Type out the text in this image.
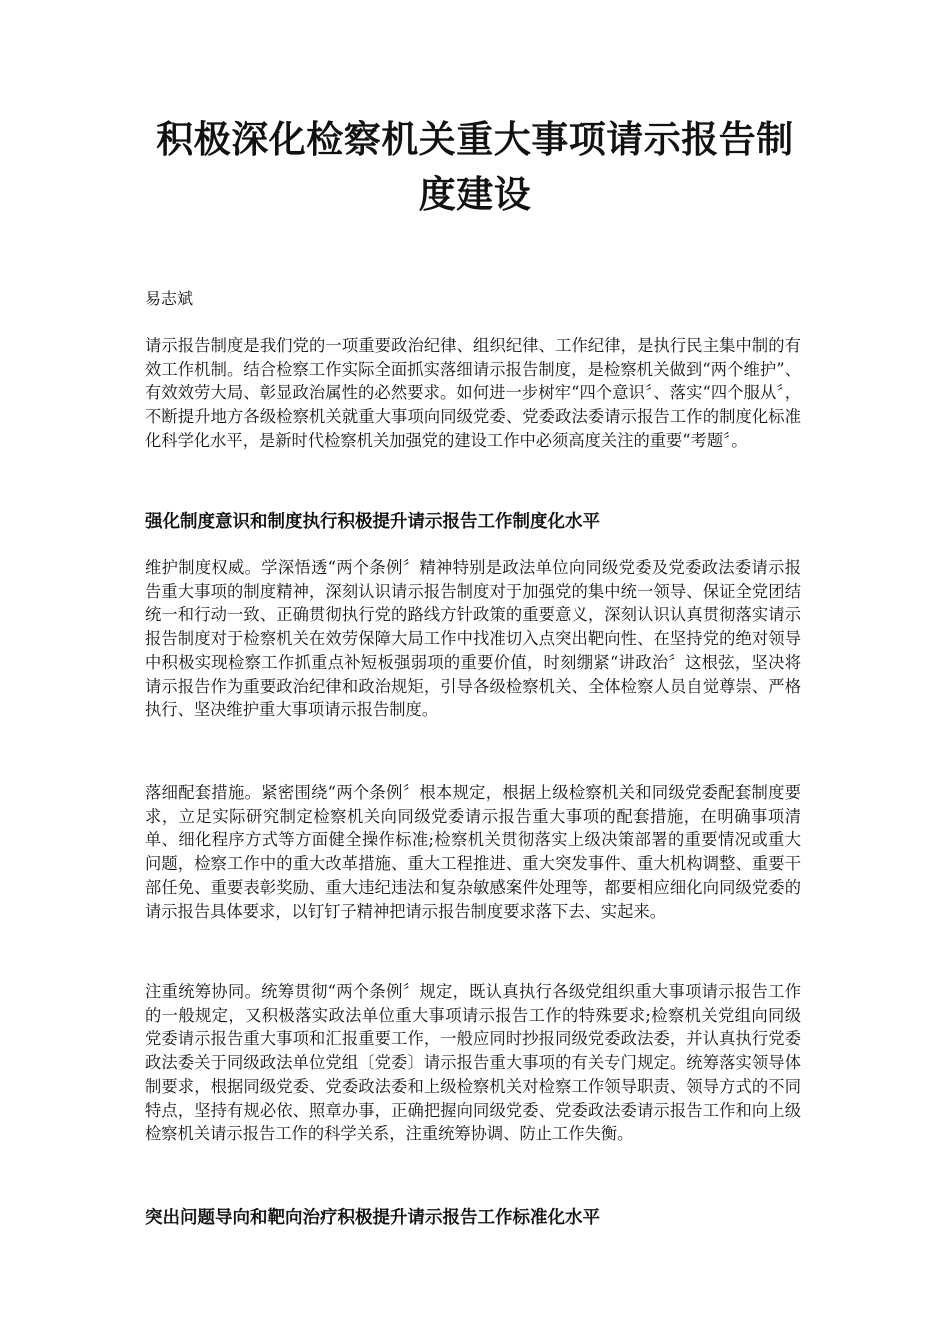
积极深化检察机关重大事项请示报告制度建设

易志斌

请示报告制度是我们党的一项重要政治纪律、组织纪律、工作纪律，是执行民主集中制的有效工作机制。结合检察工作实际全面抓实落细请示报告制度，是检察机关做到“两个维护”、有效效劳大局、彰显政治属性的必然要求。如何进一步树牢“四个意识〞、落实“四个服从〞，不断提升地方各级检察机关就重大事项向同级党委、党委政法委请示报告工作的制度化标准化科学化水平，是新时代检察机关加强党的建设工作中必须高度关注的重要“考题〞。

强化制度意识和制度执行积极提升请示报告工作制度化水平

维护制度权威。学深悟透“两个条例〞精神特别是政法单位向同级党委及党委政法委请示报告重大事项的制度精神，深刻认识请示报告制度对于加强党的集中统一领导、保证全党团结统一和行动一致、正确贯彻执行党的路线方针政策的重要意义，深刻认识认真贯彻落实请示报告制度对于检察机关在效劳保障大局工作中找准切入点突出靶向性、在坚持党的绝对领导中积极实现检察工作抓重点补短板强弱项的重要价值，时刻绷紧“讲政治〞这根弦，坚决将请示报告作为重要政治纪律和政治规矩，引导各级检察机关、全体检察人员自觉尊崇、严格执行、坚决维护重大事项请示报告制度。

落细配套措施。紧密围绕“两个条例〞根本规定，根据上级检察机关和同级党委配套制度要求，立足实际研究制定检察机关向同级党委请示报告重大事项的配套措施，在明确事项清单、细化程序方式等方面健全操作标准;检察机关贯彻落实上级决策部署的重要情况或重大问题，检察工作中的重大改革措施、重大工程推进、重大突发事件、重大机构调整、重要干部任免、重要表彰奖励、重大违纪违法和复杂敏感案件处理等，都要相应细化向同级党委的请示报告具体要求，以钉钉子精神把请示报告制度要求落下去、实起来。

注重统筹协同。统筹贯彻“两个条例〞规定，既认真执行各级党组织重大事项请示报告工作的一般规定，又积极落实政法单位重大事项请示报告工作的特殊要求;检察机关党组向同级党委请示报告重大事项和汇报重要工作，一般应同时抄报同级党委政法委，并认真执行党委政法委关于同级政法单位党组〔党委〕请示报告重大事项的有关专门规定。统筹落实领导体制要求，根据同级党委、党委政法委和上级检察机关对检察工作领导职责、领导方式的不同特点，坚持有规必依、照章办事，正确把握向同级党委、党委政法委请示报告工作和向上级检察机关请示报告工作的科学关系，注重统筹协调、防止工作失衡。

突出问题导向和靶向治疗积极提升请示报告工作标准化水平
